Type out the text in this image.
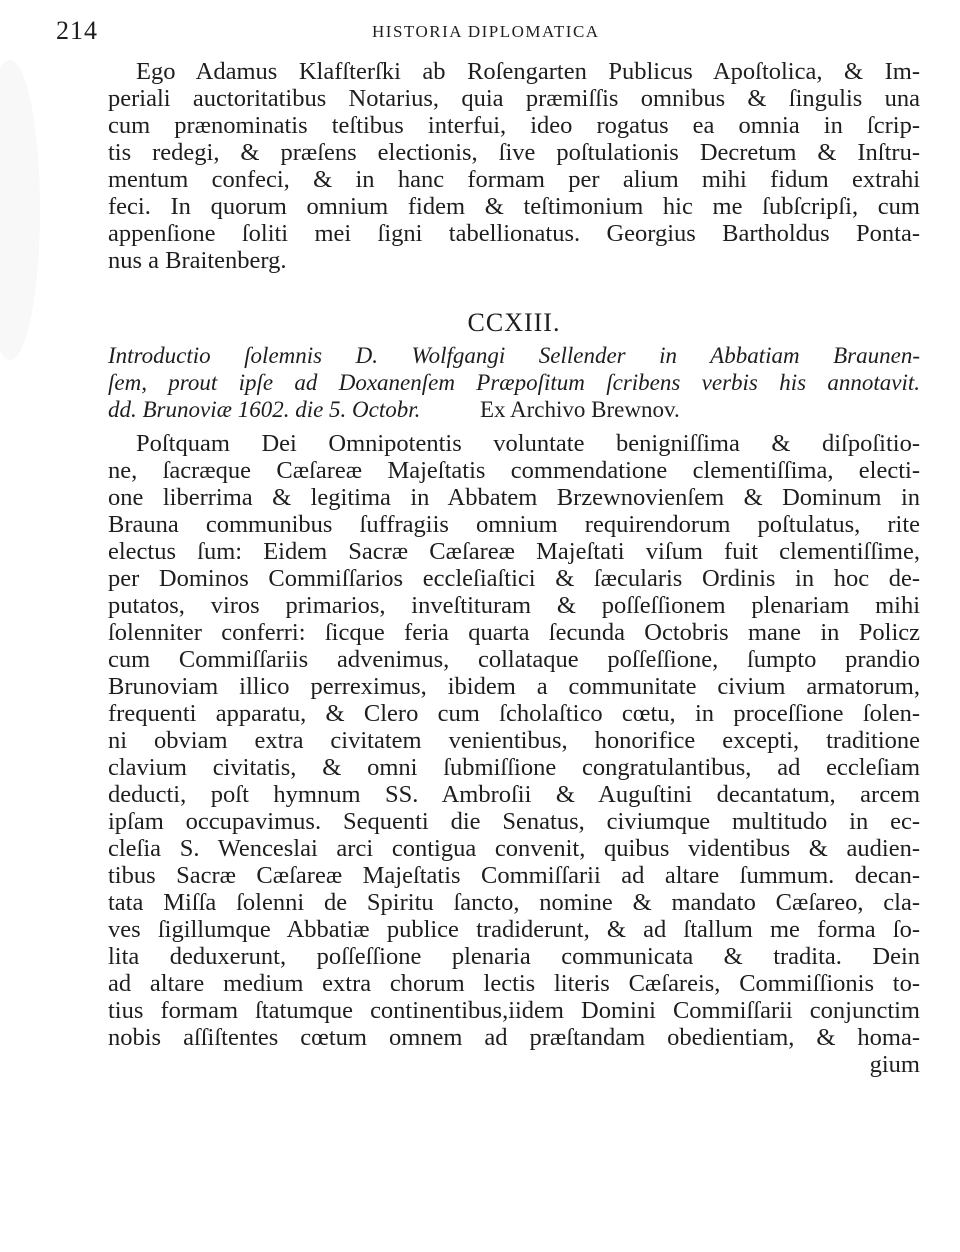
214	HISTORIA DIPLOMATICA
Ego Adamus Klafſterſki ab Roſengarten Publicus Apoſtolica, & Im-
periali auctoritatibus Notarius, quia præmiſſis omnibus & ſingulis una
cum prænominatis teſtibus interfui, ideo rogatus ea omnia in ſcrip-
tis redegi, & præſens electionis, ſive poſtulationis Decretum & Inſtru-
mentum confeci, & in hanc formam per alium mihi fidum extrahi
feci. In quorum omnium fidem & teſtimonium hic me ſubſcripſi, cum
appenſione ſoliti mei ſigni tabellionatus. Georgius Bartholdus Ponta-
nus a Braitenberg.
CCXIII.
Introductio ſolemnis D. Wolfgangi Sellender in Abbatiam Braunen-
ſem, prout ipſe ad Doxanenſem Præpoſitum ſcribens verbis his annotavit.
dd. Brunoviæ 1602. die 5. Octobr.	Ex Archivo Brewnov.
Poſtquam Dei Omnipotentis voluntate benigniſſima & diſpoſitio-
ne, ſacræque Cæſareæ Majeſtatis commendatione clementiſſima, electi-
one liberrima & legitima in Abbatem Brzewnovienſem & Dominum in
Brauna communibus ſuffragiis omnium requirendorum poſtulatus, rite
electus ſum: Eidem Sacræ Cæſareæ Majeſtati viſum fuit clementiſſime,
per Dominos Commiſſarios eccleſiaſtici & ſæcularis Ordinis in hoc de-
putatos, viros primarios, inveſtituram & poſſeſſionem plenariam mihi
ſolenniter conferri: ſicque feria quarta ſecunda Octobris mane in Policz
cum Commiſſariis advenimus, collataque poſſeſſione, ſumpto prandio
Brunoviam illico perreximus, ibidem a communitate civium armatorum,
frequenti apparatu, & Clero cum ſcholaſtico cœtu, in proceſſione ſolen-
ni obviam extra civitatem venientibus, honorifice excepti, traditione
clavium civitatis, & omni ſubmiſſione congratulantibus, ad eccleſiam
deducti, poſt hymnum SS. Ambroſii & Auguſtini decantatum, arcem
ipſam occupavimus. Sequenti die Senatus, civiumque multitudo in ec-
cleſia S. Wenceslai arci contigua convenit, quibus videntibus & audien-
tibus Sacræ Cæſareæ Majeſtatis Commiſſarii ad altare ſummum. decan-
tata Miſſa ſolenni de Spiritu ſancto, nomine & mandato Cæſareo, cla-
ves ſigillumque Abbatiæ publice tradiderunt, & ad ſtallum me forma ſo-
lita deduxerunt, poſſeſſione plenaria communicata & tradita. Dein
ad altare medium extra chorum lectis literis Cæſareis, Commiſſionis to-
tius formam ſtatumque continentibus,iidem Domini Commiſſarii conjunctim
nobis aſſiſtentes cœtum omnem ad præſtandam obedientiam, & homa-
gium
